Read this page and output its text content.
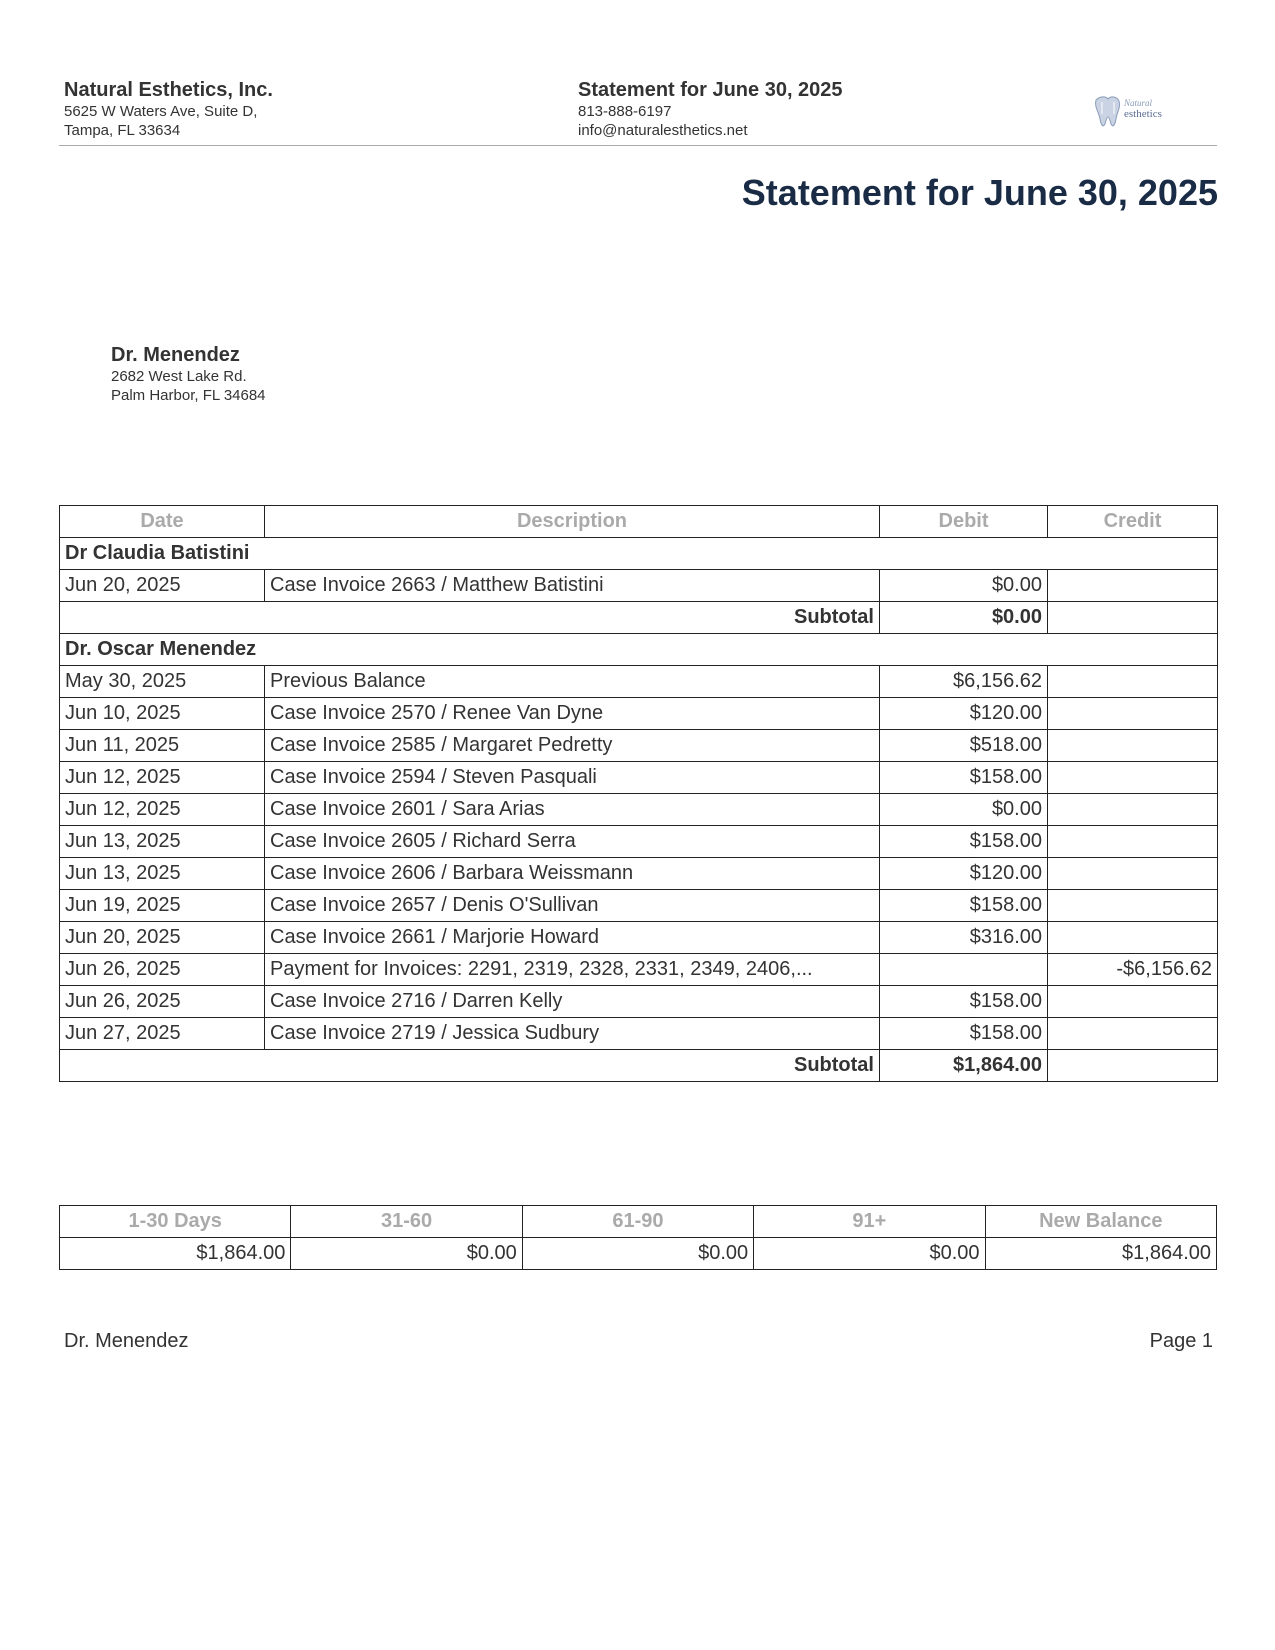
Natural Esthetics, Inc.
5625 W Waters Ave, Suite D,
Tampa, FL 33634
Statement for June 30, 2025
813-888-6197
info@naturalesthetics.net
Natural
esthetics
Statement for June 30, 2025
Dr. Menendez
2682 West Lake Rd.
Palm Harbor, FL 34684
Date	Description	Debit	Credit
Dr Claudia Batistini			
Jun 20, 2025	Case Invoice 2663 / Matthew Batistini	$0.00	
Subtotal		$0.00	
Dr. Oscar Menendez			
May 30, 2025	Previous Balance	$6,156.62	
Jun 10, 2025	Case Invoice 2570 / Renee Van Dyne	$120.00	
Jun 11, 2025	Case Invoice 2585 / Margaret Pedretty	$518.00	
Jun 12, 2025	Case Invoice 2594 / Steven Pasquali	$158.00	
Jun 12, 2025	Case Invoice 2601 / Sara Arias	$0.00	
Jun 13, 2025	Case Invoice 2605 / Richard Serra	$158.00	
Jun 13, 2025	Case Invoice 2606 / Barbara Weissmann	$120.00	
Jun 19, 2025	Case Invoice 2657 / Denis O'Sullivan	$158.00	
Jun 20, 2025	Case Invoice 2661 / Marjorie Howard	$316.00	
Jun 26, 2025	Payment for Invoices: 2291, 2319, 2328, 2331, 2349, 2406,...		-$6,156.62
Jun 26, 2025	Case Invoice 2716 / Darren Kelly	$158.00	
Jun 27, 2025	Case Invoice 2719 / Jessica Sudbury	$158.00	
Subtotal		$1,864.00	
1-30 Days	31-60	61-90	91+	New Balance
$1,864.00	$0.00	$0.00	$0.00	$1,864.00
Dr. Menendez	Page 1
